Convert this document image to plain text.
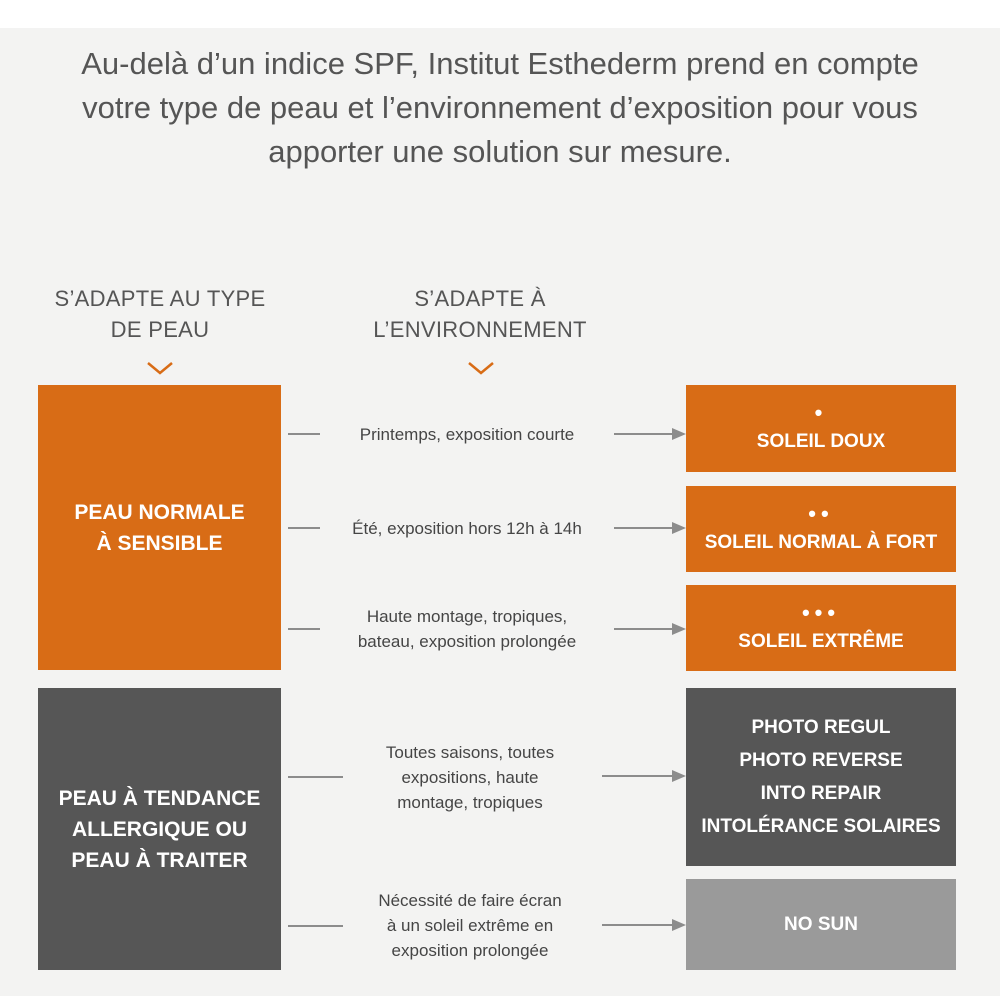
Au-delà d’un indice SPF, Institut Esthederm prend en compte
votre type de peau et l’environnement d’exposition pour vous
apporter une solution sur mesure.
S’ADAPTE AU TYPE
DE PEAU
S’ADAPTE À
L’ENVIRONNEMENT
PEAU NORMALE
À SENSIBLE
PEAU À TENDANCE
ALLERGIQUE OU
PEAU À TRAITER
Printemps, exposition courte
Été, exposition hors 12h à 14h
Haute montage, tropiques,
bateau, exposition prolongée
Toutes saisons, toutes
expositions, haute
montage, tropiques
Nécessité de faire écran
à un soleil extrême en
exposition prolongée
•
SOLEIL DOUX
••
SOLEIL NORMAL À FORT
•••
SOLEIL EXTRÊME
PHOTO REGUL
PHOTO REVERSE
INTO REPAIR
INTOLÉRANCE SOLAIRES
NO SUN
